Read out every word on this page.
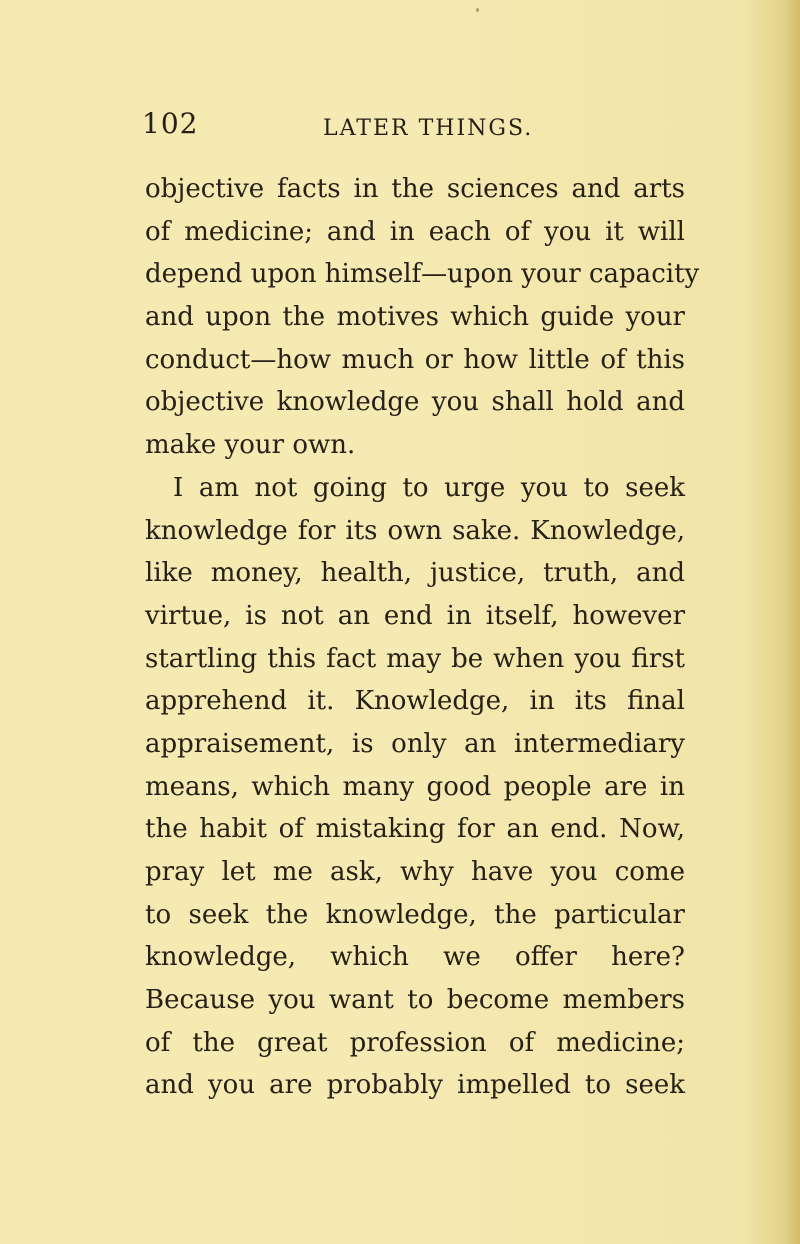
102	LATER THINGS.
objective facts in the sciences and arts
of medicine; and in each of you it will
depend upon himself—upon your capacity
and upon the motives which guide your
conduct—how much or how little of this
objective knowledge you shall hold and
make your own.
I am not going to urge you to seek
knowledge for its own sake. Knowledge,
like money, health, justice, truth, and
virtue, is not an end in itself, however
startling this fact may be when you first
apprehend it. Knowledge, in its final
appraisement, is only an intermediary
means, which many good people are in
the habit of mistaking for an end. Now,
pray let me ask, why have you come
to seek the knowledge, the particular
knowledge, which we offer here?
Because you want to become members
of the great profession of medicine;
and you are probably impelled to seek
